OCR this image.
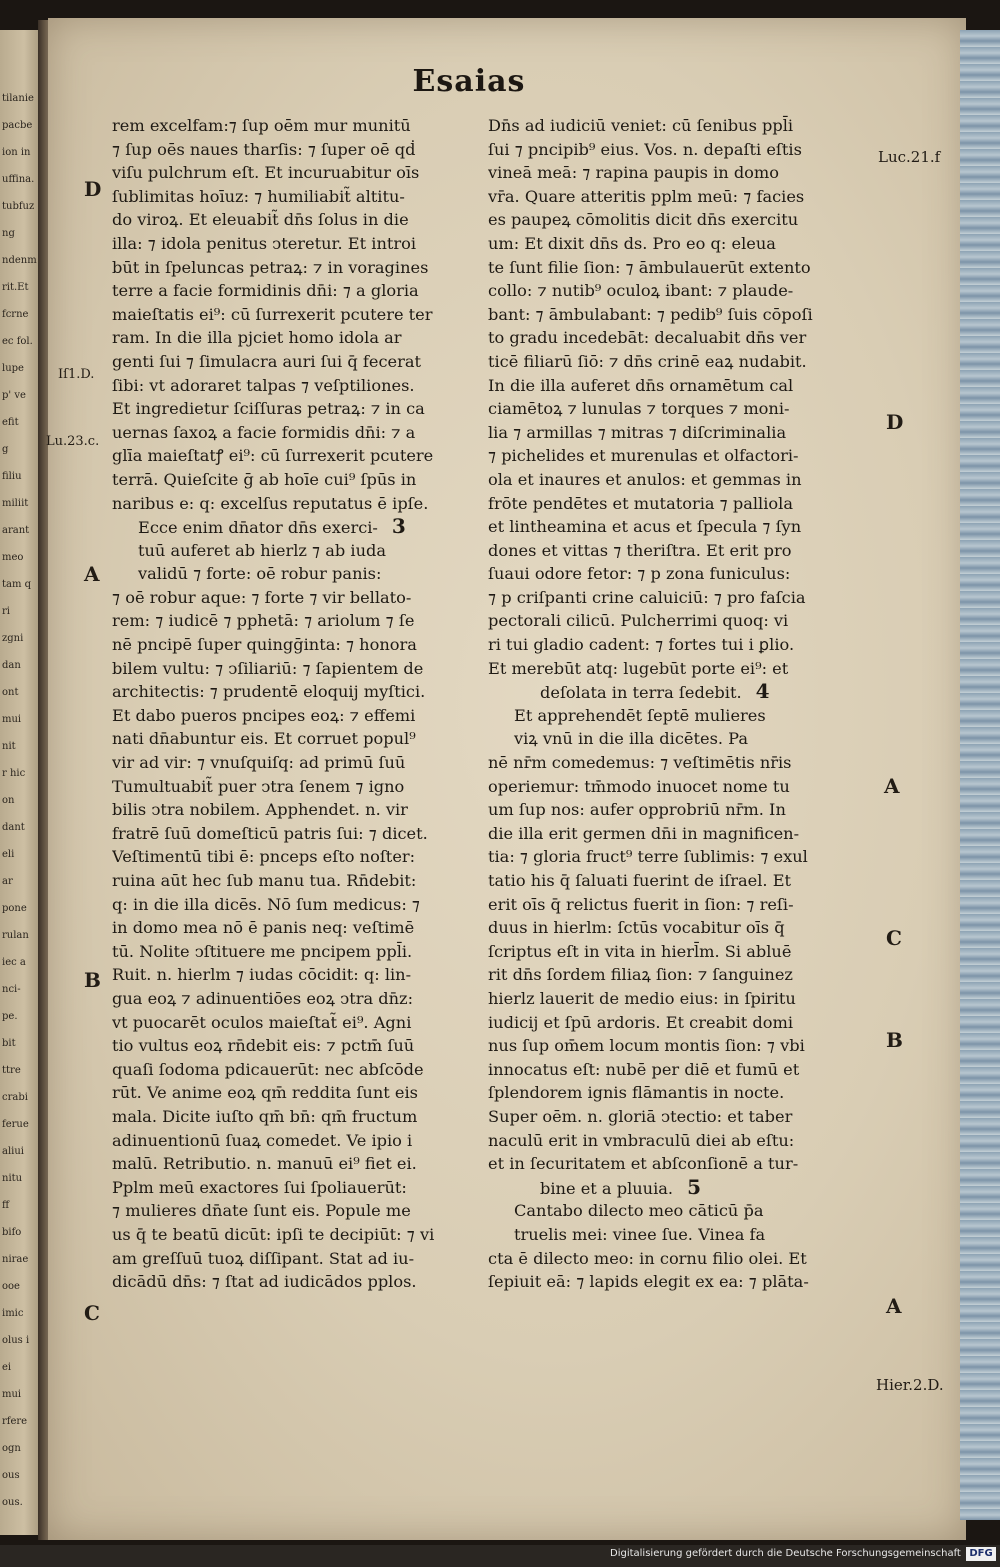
tilanie
pacbe
ion in
uffina.
tubfuz
ng
ndenm
rit.Et
fcrne
ec fol.
lupe
p' ve
efit
g
filiu
miliit
arant
meo
tam q
ri
zgni
dan
ont
mui
nit
r hic
on
dant
eli
ar
pone
rulan
iec a
nci-
pe.
bit
ttre
crabi
ferue
aliui
nitu
ff
bifo
nirae
ooe
imic
olus i
ei
mui
rfere
ogn
ous
ous.
Esaias
rem excelfam:⁊ ſup oēm mur munitū
⁊ ſup oēs naues tharſis: ⁊ ſuper oē qḋ
viſu pulchrum eſt. Et incuruabitur oīs
ſublimitas hoīuz: ⁊ humiliabit̃ altitu-
do viroꝝ. Et eleuabit̃ dn̄s ſolus in die
illa: ⁊ idola penitus ↄteretur. Et introi
būt in ſpeluncas petraꝝ: ⁊ in voragines
terre a facie formidinis dn̄i: ⁊ a gloria
maieſtatis ei⁹: cū ſurrexerit pcutere ter
ram. In die illa pjciet homo idola ar
genti ſui ⁊ ſimulacra auri ſui q̄ fecerat
ſibi: vt adoraret talpas ⁊ veſptiliones.
Et ingredietur ſciſſuras petraꝝ: ⁊ in ca
uernas ſaxoꝝ a facie formidis dn̄i: ⁊ a
glīa maieſtatꝭ ei⁹: cū ſurrexerit pcutere
terrā. Quieſcite ḡ ab hoīe cui⁹ ſpūs in
naribus e: q: excelſus reputatus ē ipſe.
Ecce enim dn̄ator dn̄s exerci- 3
tuū auferet ab hierlz ⁊ ab iuda
validū ⁊ forte: oē robur panis:
⁊ oē robur aque: ⁊ forte ⁊ vir bellato-
rem: ⁊ iudicē ⁊ pphetā: ⁊ ariolum ⁊ ſe
nē pncipē ſuper quingḡinta: ⁊ honora
bilem vultu: ⁊ ↄſiliariū: ⁊ ſapientem de
architectis: ⁊ prudentē eloquij myſtici.
Et dabo pueros pncipes eoꝝ: ⁊ effemi
nati dn̄abuntur eis. Et corruet popul⁹
vir ad vir: ⁊ vnuſquiſq: ad primū ſuū
Tumultuabit̃ puer ↄtra ſenem ⁊ igno
bilis ↄtra nobilem. Apphendet. n. vir
fratrē ſuū domeſticū patris ſui: ⁊ dicet.
Veſtimentū tibi ē: pnceps eſto noſter:
ruina aūt hec ſub manu tua. Rn̄debit:
q: in die illa dicēs. Nō ſum medicus: ⁊
in domo mea nō ē panis neq: veſtimē
tū. Nolite ↄſtituere me pncipem ppl̄i.
Ruit. n. hierlm ⁊ iudas cōcidit: q: lin-
gua eoꝝ ⁊ adinuentiōes eoꝝ ↄtra dn̄z:
vt puocarēt oculos maieſtat̃ ei⁹. Agni
tio vultus eoꝝ rn̄debit eis: ⁊ pctm̄ ſuū
quaſi ſodoma pdicauerūt: nec abſcōde
rūt. Ve anime eoꝝ qm̄ reddita ſunt eis
mala. Dicite iuſto qm̄ bn̄: qm̄ fructum
adinuentionū ſuaꝝ comedet. Ve ipio i
malū. Retributio. n. manuū ei⁹ fiet ei.
Pplm meū exactores ſui ſpoliauerūt:
⁊ mulieres dn̄ate ſunt eis. Popule me
us q̄ te beatū dicūt: ipſi te decipiūt: ⁊ vi
am greſſuū tuoꝝ diſſipant. Stat ad iu-
dicādū dn̄s: ⁊ ſtat ad iudicādos pplos.
Dn̄s ad iudiciū veniet: cū ſenibus ppl̄i
ſui ⁊ pncipib⁹ eius. Vos. n. depaſti eſtis
vineā meā: ⁊ rapina paupis in domo
vr̄a. Quare atteritis pplm meū: ⁊ facies
es paupeꝝ cōmolitis dicit dn̄s exercitu
um: Et dixit dn̄s ds. Pro eo q: eleua
te ſunt filie ſion: ⁊ āmbulauerūt extento
collo: ⁊ nutib⁹ oculoꝝ ibant: ⁊ plaude-
bant: ⁊ āmbulabant: ⁊ pedib⁹ ſuis cōpoſi
to gradu incedebāt: decaluabit dn̄s ver
ticē filiarū ſiō: ⁊ dn̄s crinē eaꝝ nudabit.
In die illa auferet dn̄s ornamētum cal
ciamētoꝝ ⁊ lunulas ⁊ torques ⁊ moni-
lia ⁊ armillas ⁊ mitras ⁊ diſcriminalia
⁊ pichelides et murenulas et olfactori-
ola et inaures et anulos: et gemmas in
frōte pendētes et mutatoria ⁊ palliola
et lintheamina et acus et ſpecula ⁊ ſyn
dones et vittas ⁊ theriſtra. Et erit pro
ſuaui odore fetor: ⁊ p zona funiculus:
⁊ p criſpanti crine caluiciū: ⁊ pro faſcia
pectorali cilicū. Pulcherrimi quoq: vi
ri tui gladio cadent: ⁊ fortes tui i ꝑlio.
Et merebūt atq: lugebūt porte ei⁹: et
deſolata in terra ſedebit. 4
Et apprehendēt ſeptē mulieres
viꝝ vnū in die illa dicētes. Pa
nē nr̄m comedemus: ⁊ veſtimētis nr̄is
operiemur: tm̄modo inuocet nome tu
um ſup nos: aufer opprobriū nr̄m. In
die illa erit germen dn̄i in magnificen-
tia: ⁊ gloria fruct⁹ terre ſublimis: ⁊ exul
tatio his q̄ ſaluati fuerint de iſrael. Et
erit oīs q̄ relictus fuerit in ſion: ⁊ reſi-
duus in hierlm: ſctūs vocabitur oīs q̄
ſcriptus eſt in vita in hierl̄m. Si abluē
rit dn̄s ſordem filiaꝝ ſion: ⁊ ſanguinez
hierlz lauerit de medio eius: in ſpiritu
iudicij et ſpū ardoris. Et creabit domi
nus ſup om̄em locum montis ſion: ⁊ vbi
innocatus eſt: nubē per diē et fumū et
ſplendorem ignis flāmantis in nocte.
Super oēm. n. gloriā ↄtectio: et taber
naculū erit in vmbraculū diei ab eſtu:
et in ſecuritatem et abſconſionē a tur-
bine et a pluuia. 5
Cantabo dilecto meo cāticū p̄a
truelis mei: vinee ſue. Vinea fa
cta ē dilecto meo: in cornu filio olei. Et
ſepiuit eā: ⁊ lapids elegit ex ea: ⁊ plāta-
D
Iſ1.D.
Lu.23.c.
A
B
C
Luc.21.f
D
A
C
B
A
Hier.2.D.
Digitalisierung gefördert durch die Deutsche Forschungsgemeinschaft DFG
